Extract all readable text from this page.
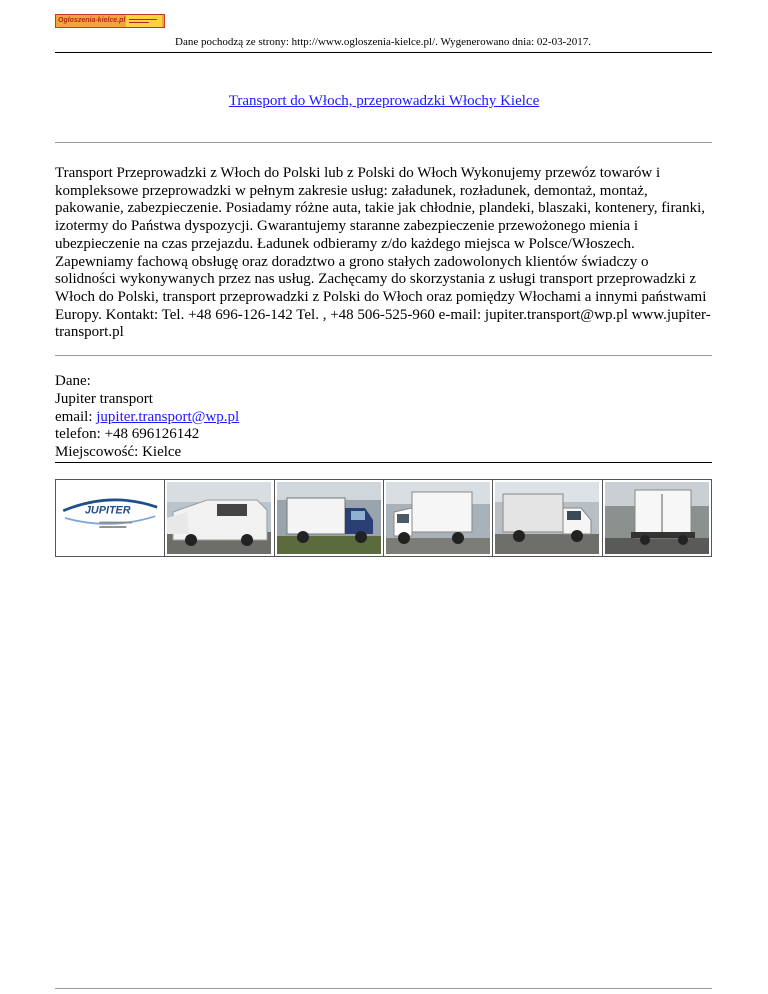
Ogloszenia-kielce.pl
Dane pochodzą ze strony: http://www.ogloszenia-kielce.pl/. Wygenerowano dnia: 02-03-2017.
Transport do Włoch, przeprowadzki Włochy Kielce
Transport Przeprowadzki z Włoch do Polski lub z Polski do Włoch Wykonujemy przewóz towarów i kompleksowe przeprowadzki w pełnym zakresie usług: załadunek, rozładunek, demontaż, montaż, pakowanie, zabezpieczenie. Posiadamy różne auta, takie jak chłodnie, plandeki, blaszaki, kontenery, firanki, izotermy do Państwa dyspozycji. Gwarantujemy staranne zabezpieczenie przewożonego mienia i ubezpieczenie na czas przejazdu. Ładunek odbieramy z/do każdego miejsca w Polsce/Włoszech. Zapewniamy fachową obsługę oraz doradztwo a grono stałych zadowolonych klientów świadczy o solidności wykonywanych przez nas usług. Zachęcamy do skorzystania z usługi transport przeprowadzki z Włoch do Polski, transport przeprowadzki z Polski do Włoch oraz pomiędzy Włochami a innymi państwami Europy. Kontakt: Tel. +48 696-126-142 Tel. , +48 506-525-960 e-mail: jupiter.transport@wp.pl www.jupiter-transport.pl
Dane:
Jupiter transport
email: jupiter.transport@wp.pl
telefon: +48 696126142
Miejscowość: Kielce
JUPITER
